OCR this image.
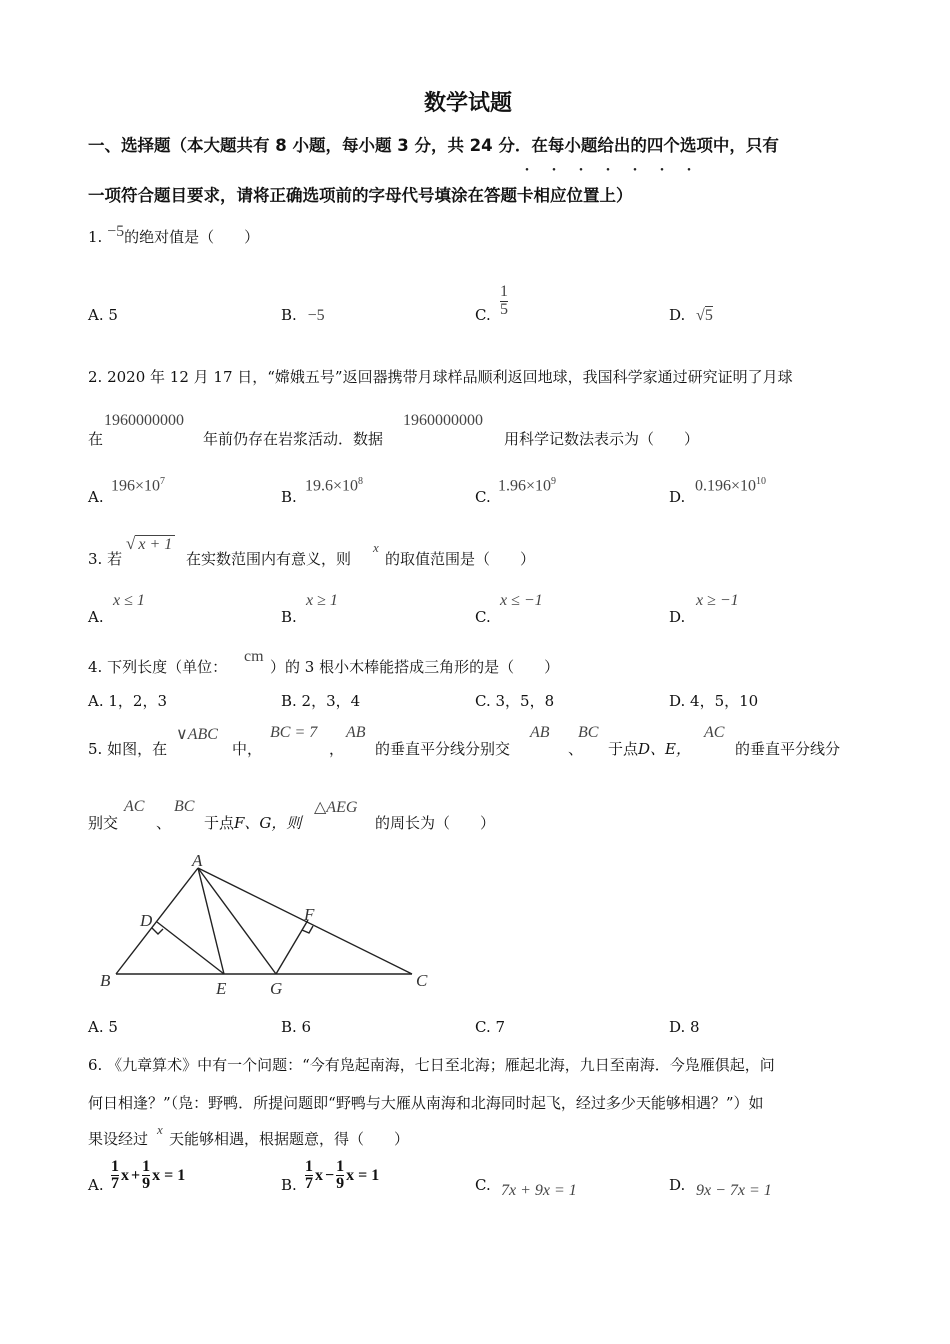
数学试题
一、选择题（本大题共有 8 小题，每小题 3 分，共 24 分．在每小题给出的四个选项中，只有
・・・・・・・
一项符合题目要求，请将正确选项前的字母代号填涂在答题卡相应位置上）
1. −5的绝对值是（　　）
A. 5	B. −5	C. $\frac{1}{5}$	D. √5
2. 2020 年 12 月 17 日，“嫦娥五号”返回器携带月球样品顺利返回地球，我国科学家通过研究证明了月球
在
1960000000
年前仍存在岩浆活动．数据
1960000000
用科学记数法表示为（　　）
A.
$196\times 10^7$
B.
$19.6\times 10^8$
C.
$1.96\times 10^9$
D.
$0.196\times 10^{10}$
3. 若
√ x + 1
在实数范围内有意义，则
x
的取值范围是（　　）
A.
x ≤ 1
B.
x ≥ 1
C.
x ≤ −1
D.
x ≥ −1
4. 下列长度（单位：
cm
）的 3 根小木棒能搭成三角形的是（　　）
A. 1，2，3	B. 2，3，4	C. 3，5，8	D. 4，5，10
5. 如图，在
∨ABC
中，
BC = 7
，
AB
的垂直平分线分别交
AB
、
BC
于点D、E，
AC
的垂直平分线分
别交
AC
、
BC
于点F、G，则
△AEG
的周长为（　　）
A
B	C
D
E	G
F
A. 5	B. 6	C. 7	D. 8
6. 《九章算术》中有一个问题：“今有凫起南海，七日至北海；雁起北海，九日至南海．今凫雁俱起，问
何日相逢？”（凫：野鸭．所提问题即“野鸭与大雁从南海和北海同时起飞，经过多少天能够相遇？”）如
果设经过
x
天能够相遇，根据题意，得（　　）
A.
1
7 x + 1
9 x = 1
B.
1
7 x − 1
9 x = 1
C. 7x + 9x = 1	D. 9x − 7x = 1
